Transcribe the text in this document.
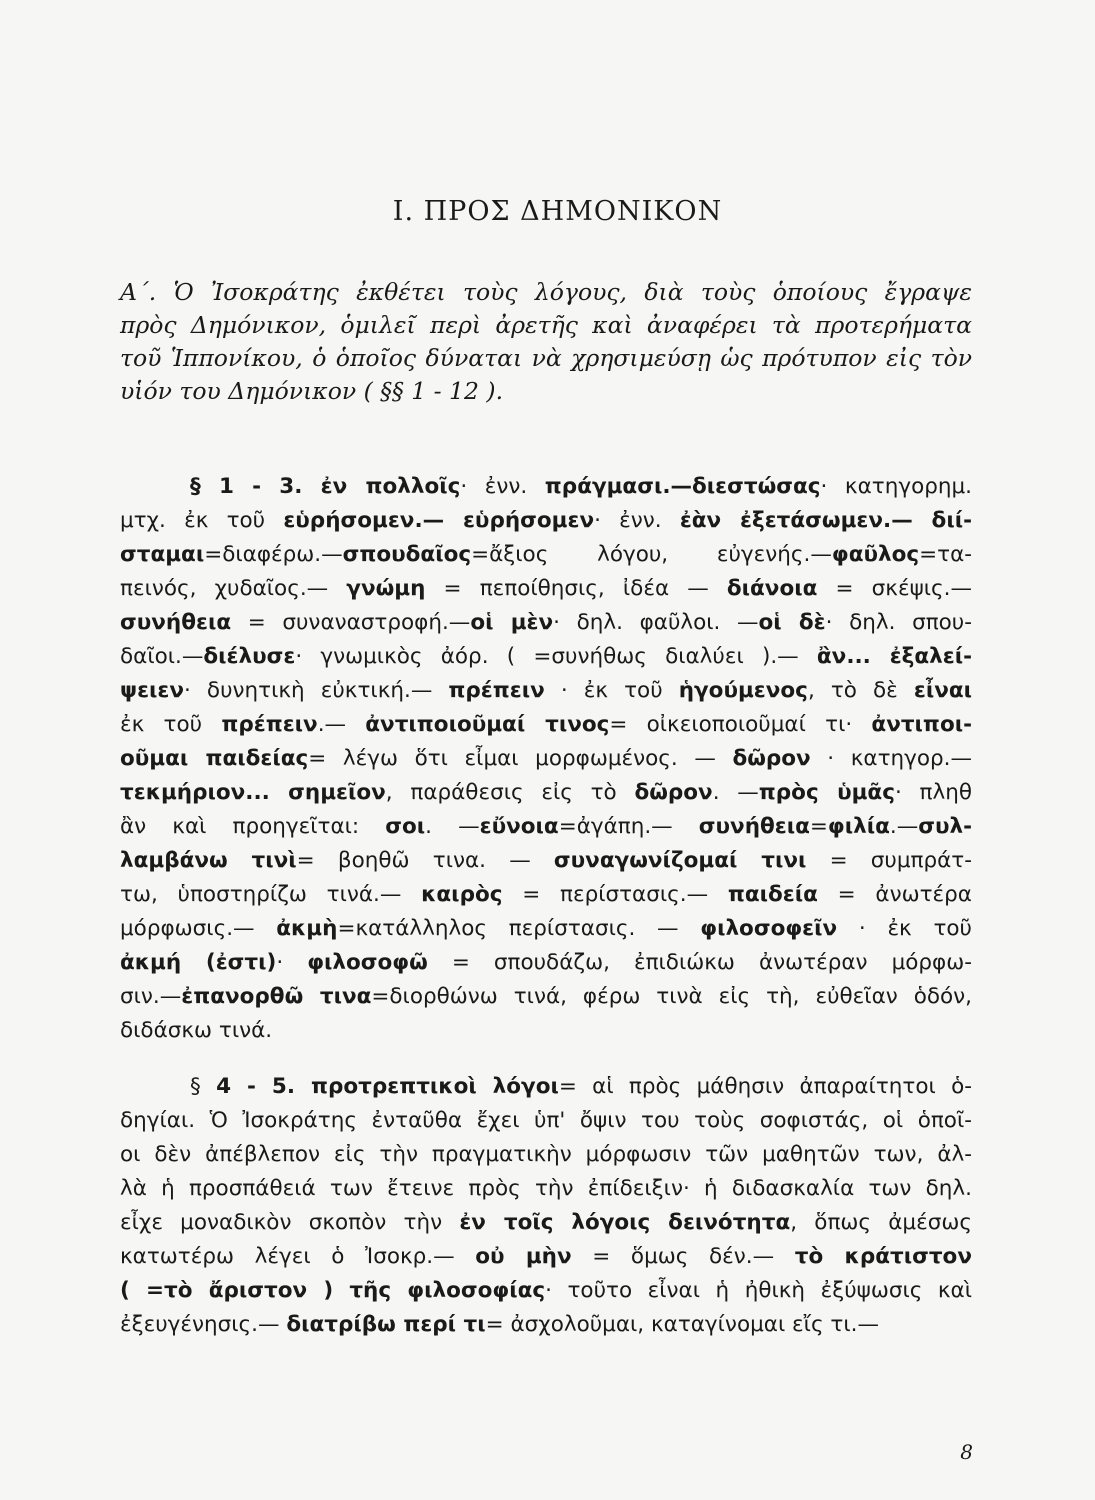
I. ΠΡΟΣ ΔΗΜΟΝΙΚΟΝ
Α΄. Ὁ Ἰσοκράτης ἐκθέτει τοὺς λόγους, διὰ τοὺς ὁποίους ἔγραψε
πρὸς Δημόνικον, ὁμιλεῖ περὶ ἀρετῆς καὶ ἀναφέρει τὰ προτερήματα
τοῦ Ἱππονίκου, ὁ ὁποῖος δύναται νὰ χρησιμεύσῃ ὡς πρότυπον εἰς τὸν
υἱόν του Δημόνικον ( §§ 1 - 12 ).
§ 1 - 3. ἐν πολλοῖς· ἐνν. πράγμασι.—διεστώσας· κατηγορημ.
μτχ. ἐκ τοῦ εὑρήσομεν.— εὑρήσομεν· ἐνν. ἐὰν ἐξετάσωμεν.— διί-
σταμαι=διαφέρω.—σπουδαῖος=ἄξιος λόγου, εὐγενής.—φαῦλος=τα-
πεινός, χυδαῖος.— γνώμη = πεποίθησις, ἰδέα — διάνοια = σκέψις.—
συνήθεια = συναναστροφή.—οἱ μὲν· δηλ. φαῦλοι. —οἱ δὲ· δηλ. σπου-
δαῖοι.—διέλυσε· γνωμικὸς ἀόρ. ( =συνήθως διαλύει ).— ἂν... ἐξαλεί-
ψειεν· δυνητικὴ εὐκτική.— πρέπειν · ἐκ τοῦ ἡγούμενος, τὸ δὲ εἶναι
ἐκ τοῦ πρέπειν.— ἀντιποιοῦμαί τινος= οἰκειοποιοῦμαί τι· ἀντιποι-
οῦμαι παιδείας= λέγω ὅτι εἶμαι μορφωμένος. — δῶρον · κατηγορ.—
τεκμήριον... σημεῖον, παράθεσις εἰς τὸ δῶρον. —πρὸς ὑμᾶς· πληθ
ἂν καὶ προηγεῖται: σοι. —εὔνοια=ἀγάπη.— συνήθεια=φιλία.—συλ-
λαμβάνω τινὶ= βοηθῶ τινα. — συναγωνίζομαί τινι = συμπράτ-
τω, ὑποστηρίζω τινά.— καιρὸς = περίστασις.— παιδεία = ἀνωτέρα
μόρφωσις.— ἀκμὴ=κατάλληλος περίστασις. — φιλοσοφεῖν · ἐκ τοῦ
ἀκμή (ἐστι)· φιλοσοφῶ = σπουδάζω, ἐπιδιώκω ἀνωτέραν μόρφω-
σιν.—ἐπανορθῶ τινα=διορθώνω τινά, φέρω τινὰ εἰς τὴ, εὐθεῖαν ὁδόν,
διδάσκω τινά.
§ 4 - 5. προτρεπτικοὶ λόγοι= αἱ πρὸς μάθησιν ἀπαραίτητοι ὁ-
δηγίαι. Ὁ Ἰσοκράτης ἐνταῦθα ἔχει ὑπ' ὄψιν του τοὺς σοφιστάς, οἱ ὁποῖ-
οι δὲν ἀπέβλεπον εἰς τὴν πραγματικὴν μόρφωσιν τῶν μαθητῶν των, ἀλ-
λὰ ἡ προσπάθειά των ἔτεινε πρὸς τὴν ἐπίδειξιν· ἡ διδασκαλία των δηλ.
εἶχε μοναδικὸν σκοπὸν τὴν ἐν τοῖς λόγοις δεινότητα, ὅπως ἀμέσως
κατωτέρω λέγει ὁ Ἰσοκρ.— οὐ μὴν = ὅμως δέν.— τὸ κράτιστον
( =τὸ ἄριστον ) τῆς φιλοσοφίας· τοῦτο εἶναι ἡ ἠθικὴ ἐξύψωσις καὶ
ἐξευγένησις.— διατρίβω περί τι= ἀσχολοῦμαι, καταγίνομαι εἴς τι.—
8
